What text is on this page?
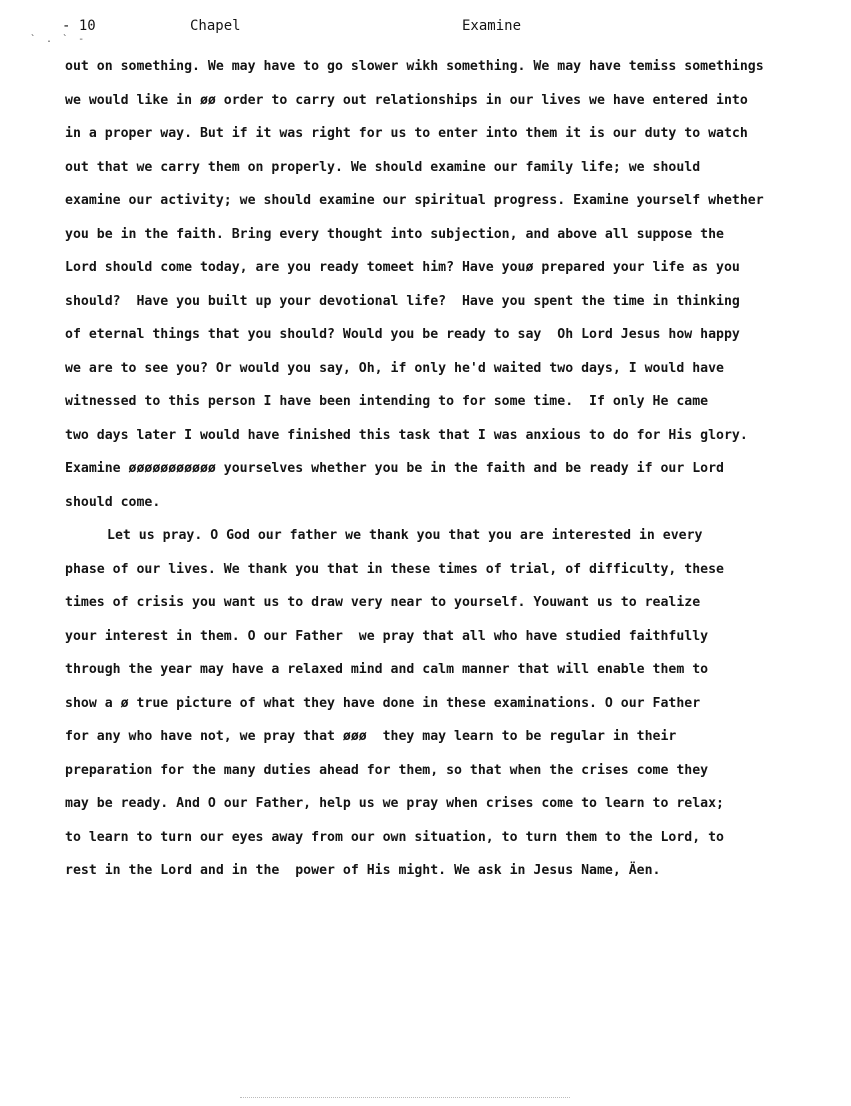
` . ` -
- 10	Chapel	Examine
out on something. We may have to go slower wikh something. We may have temiss somethings
we would like in øø order to carry out relationships in our lives we have entered into
in a proper way. But if it was right for us to enter into them it is our duty to watch
out that we carry them on properly. We should examine our family life; we should
examine our activity; we should examine our spiritual progress. Examine yourself whether
you be in the faith. Bring every thought into subjection, and above all suppose the
Lord should come today, are you ready tomeet him? Have youø prepared your life as you
should?  Have you built up your devotional life?  Have you spent the time in thinking
of eternal things that you should? Would you be ready to say  Oh Lord Jesus how happy
we are to see you? Or would you say, Oh, if only he'd waited two days, I would have
witnessed to this person I have been intending to for some time.  If only He came
two days later I would have finished this task that I was anxious to do for His glory.
Examine øøøøøøøøøøø yourselves whether you be in the faith and be ready if our Lord
should come.
Let us pray. O God our father we thank you that you are interested in every
phase of our lives. We thank you that in these times of trial, of difficulty, these
times of crisis you want us to draw very near to yourself. Youwant us to realize
your interest in them. O our Father  we pray that all who have studied faithfully
through the year may have a relaxed mind and calm manner that will enable them to
show a ø true picture of what they have done in these examinations. O our Father
for any who have not, we pray that øøø  they may learn to be regular in their
preparation for the many duties ahead for them, so that when the crises come they
may be ready. And O our Father, help us we pray when crises come to learn to relax;
to learn to turn our eyes away from our own situation, to turn them to the Lord, to
rest in the Lord and in the  power of His might. We ask in Jesus Name, Äen.
